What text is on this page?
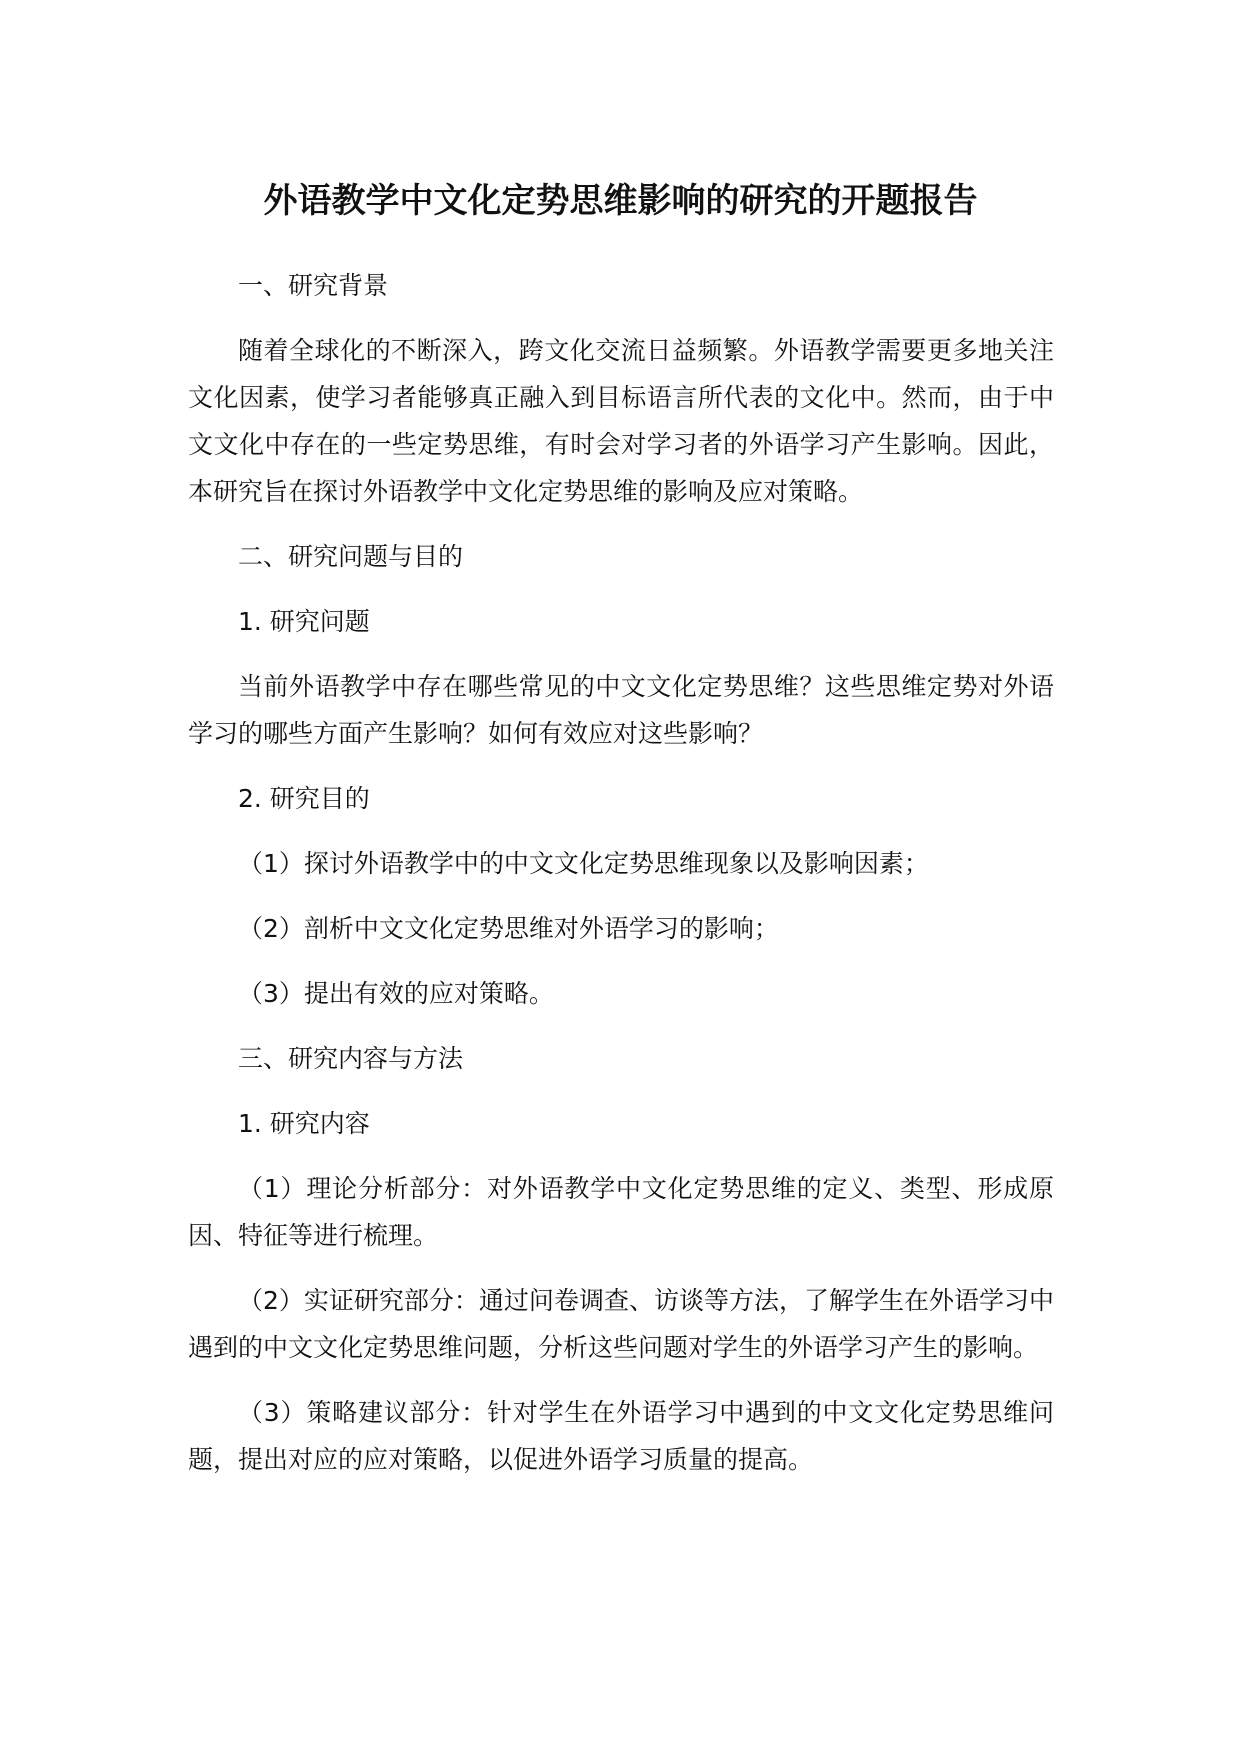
外语教学中文化定势思维影响的研究的开题报告

一、研究背景

随着全球化的不断深入，跨文化交流日益频繁。外语教学需要更多地关注文化因素，使学习者能够真正融入到目标语言所代表的文化中。然而，由于中文文化中存在的一些定势思维，有时会对学习者的外语学习产生影响。因此，本研究旨在探讨外语教学中文化定势思维的影响及应对策略。

二、研究问题与目的

1. 研究问题

当前外语教学中存在哪些常见的中文文化定势思维？这些思维定势对外语学习的哪些方面产生影响？如何有效应对这些影响？

2. 研究目的

（1）探讨外语教学中的中文文化定势思维现象以及影响因素；

（2）剖析中文文化定势思维对外语学习的影响；

（3）提出有效的应对策略。

三、研究内容与方法

1. 研究内容

（1）理论分析部分：对外语教学中文化定势思维的定义、类型、形成原因、特征等进行梳理。

（2）实证研究部分：通过问卷调查、访谈等方法，了解学生在外语学习中遇到的中文文化定势思维问题，分析这些问题对学生的外语学习产生的影响。

（3）策略建议部分：针对学生在外语学习中遇到的中文文化定势思维问题，提出对应的应对策略，以促进外语学习质量的提高。
